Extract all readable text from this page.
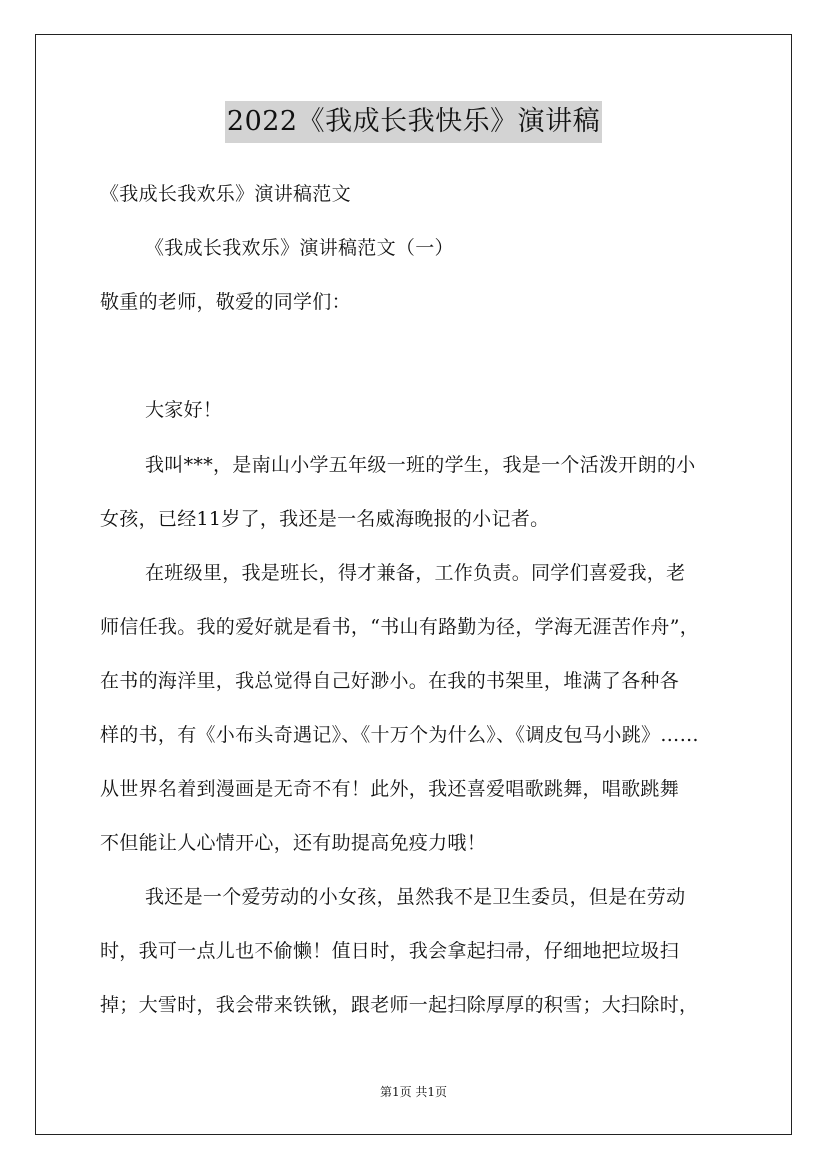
2022《我成长我快乐》演讲稿
《我成长我欢乐》演讲稿范文
《我成长我欢乐》演讲稿范文（一）
敬重的老师，敬爱的同学们：
大家好！
我叫***，是南山小学五年级一班的学生，我是一个活泼开朗的小
女孩，已经11岁了，我还是一名威海晚报的小记者。
在班级里，我是班长，得才兼备，工作负责。同学们喜爱我，老
师信任我。我的爱好就是看书，“书山有路勤为径，学海无涯苦作舟”，
在书的海洋里，我总觉得自己好渺小。在我的书架里，堆满了各种各
样的书，有《小布头奇遇记》、《十万个为什么》、《调皮包马小跳》……
从世界名着到漫画是无奇不有！此外，我还喜爱唱歌跳舞，唱歌跳舞
不但能让人心情开心，还有助提高免疫力哦！
我还是一个爱劳动的小女孩，虽然我不是卫生委员，但是在劳动
时，我可一点儿也不偷懒！值日时，我会拿起扫帚，仔细地把垃圾扫
掉；大雪时，我会带来铁锹，跟老师一起扫除厚厚的积雪；大扫除时，
第1页 共1页
